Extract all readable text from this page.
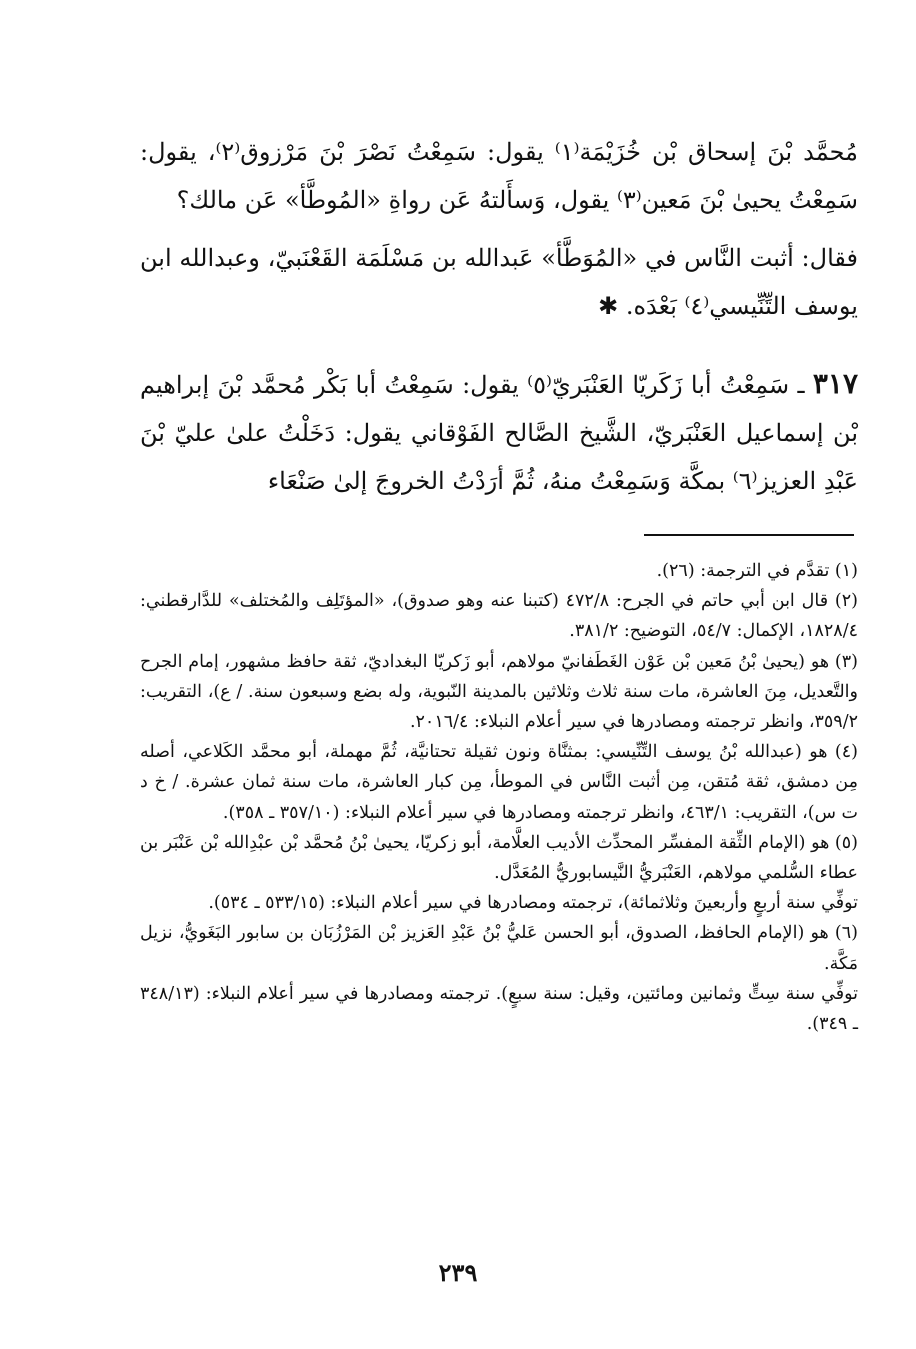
مُحمَّد بْنَ إسحاق بْن خُزَيْمَة⁽١⁾ يقول: سَمِعْتُ نَصْرَ بْنَ مَرْزوق⁽٢⁾، يقول: سَمِعْتُ يحيىٰ بْنَ مَعين⁽٣⁾ يقول، وَسأَلتهُ عَن رواةِ «المُوطَّأ» عَن مالك؟

فقال: أثبت النَّاس في «المُوَطَّأ» عَبدالله بن مَسْلَمَة القَعْنَبيّ، وعبدالله ابن يوسف التِّنِّيسي⁽٤⁾ بَعْدَه. ✱

٣١٧ ـ سَمِعْتُ أبا زَكَريّا العَنْبَريّ⁽٥⁾ يقول: سَمِعْتُ أبا بَكْر مُحمَّد بْنَ إبراهيم بْن إسماعيل العَنْبَريّ، الشَّيخ الصَّالح الفَوْقاني يقول: دَخَلْتُ علىٰ عليّ بْنَ عَبْدِ العزيز⁽٦⁾ بمكَّة وَسَمِعْتُ منهُ، ثُمَّ أرَدْتُ الخروجَ إلىٰ صَنْعَاء

(١) تقدَّم في الترجمة: (٢٦).

(٢) قال ابن أبي حاتم في الجرح: ٤٧٢/٨ (كتبنا عنه وهو صدوق)، «المؤتَلِف والمُختلف» للدَّارقطني: ١٨٢٨/٤، الإكمال: ٥٤/٧، التوضيح: ٣٨١/٢.

(٣) هو (يحيىٰ بْنُ مَعين بْن عَوْن الغَطَفانيّ مولاهم، أبو زَكريّا البغداديّ، ثقة حافظ مشهور، إمام الجرح والتَّعديل، مِنَ العاشرة، مات سنة ثلاث وثلاثين بالمدينة النّبوية، وله بضع وسبعون سنة. / ع)، التقريب: ٣٥٩/٢، وانظر ترجمته ومصادرها في سير أعلام النبلاء: ٢٠١٦/٤.

(٤) هو (عبدالله بْنُ يوسف التِّنِّيسي: بمثنَّاة ونون ثقيلة تحتانيَّة، ثُمَّ مهملة، أبو محمَّد الكَلاعي، أصله مِن دمشق، ثقة مُتقن، مِن أثبت النَّاس في الموطأ، مِن كبار العاشرة، مات سنة ثمان عشرة. / خ د ت س)، التقريب: ٤٦٣/١، وانظر ترجمته ومصادرها في سير أعلام النبلاء: (٣٥٧/١٠ ـ ٣٥٨).

(٥) هو (الإمام الثِّقة المفسِّر المحدِّث الأديب العلَّامة، أبو زكريّا، يحيىٰ بْنُ مُحمَّد بْن عبْدِالله بْن عَنْبَر بن عطاء السُّلمي مولاهم، العَنْبَريُّ النَّيسابوريُّ المُعَدَّل.

توفِّي سنة أربعٍ وأربعينَ وثلاثمائة)، ترجمته ومصادرها في سير أعلام النبلاء: (٥٣٣/١٥ ـ ٥٣٤).

(٦) هو (الإمام الحافظ، الصدوق، أبو الحسن عَليُّ بْنُ عَبْدِ العَزيز بْن المَرْزُبَان بن سابور البَغَويُّ، نزيل مَكَّة.

توفِّي سنة سِتٍّ وثمانين ومائتين، وقيل: سنة سبعٍ). ترجمته ومصادرها في سير أعلام النبلاء: (٣٤٨/١٣ ـ ٣٤٩).

٢٣٩
